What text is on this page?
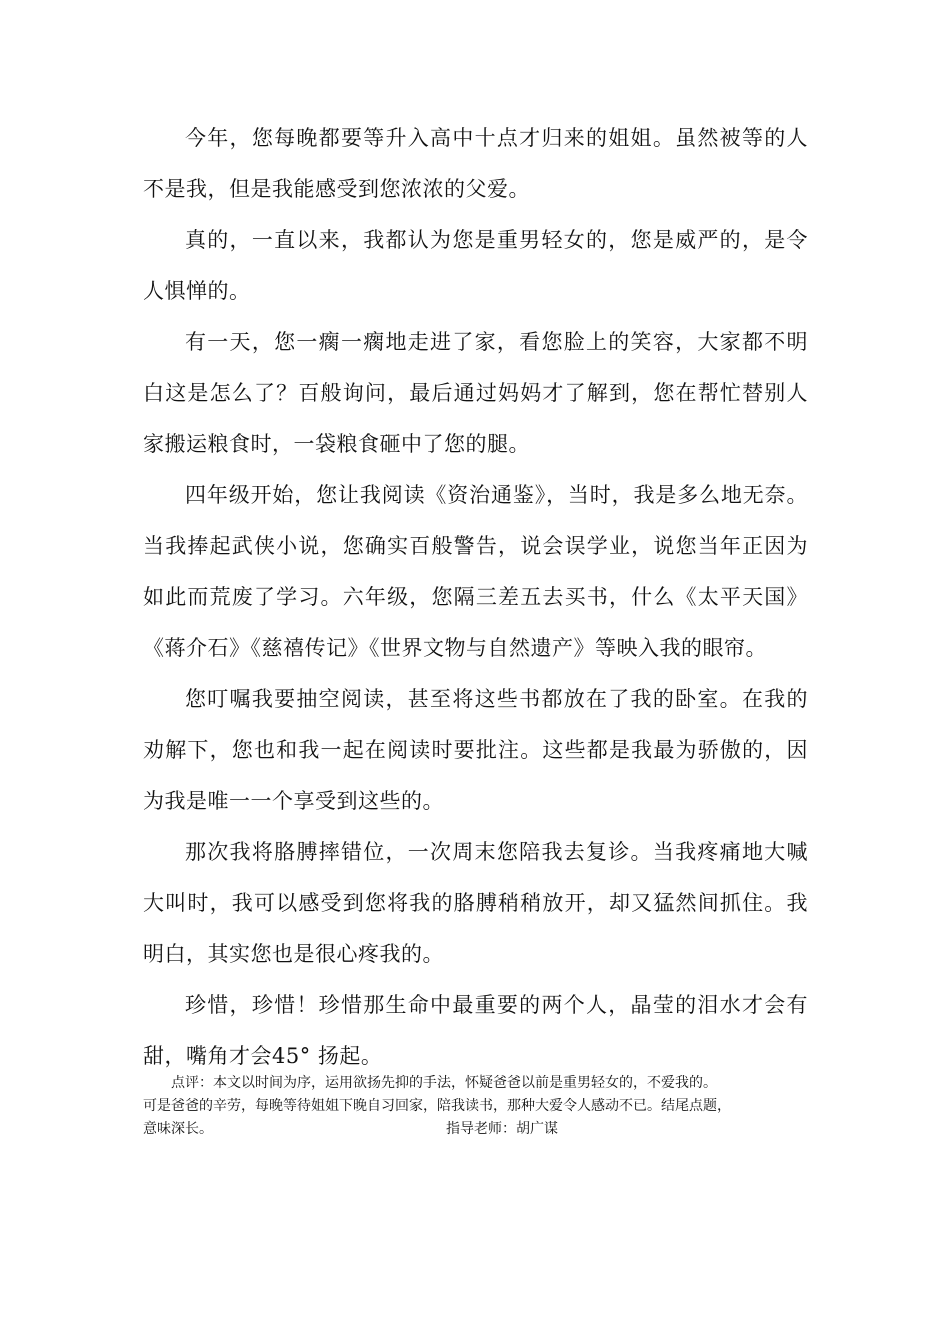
今年，您每晚都要等升入高中十点才归来的姐姐。虽然被等的人不是我，但是我能感受到您浓浓的父爱。

真的，一直以来，我都认为您是重男轻女的，您是威严的，是令人惧惮的。

有一天，您一瘸一瘸地走进了家，看您脸上的笑容，大家都不明白这是怎么了？百般询问，最后通过妈妈才了解到，您在帮忙替别人家搬运粮食时，一袋粮食砸中了您的腿。

四年级开始，您让我阅读《资治通鉴》，当时，我是多么地无奈。当我捧起武侠小说，您确实百般警告，说会误学业，说您当年正因为如此而荒废了学习。六年级，您隔三差五去买书，什么《太平天国》《蒋介石》《慈禧传记》《世界文物与自然遗产》等映入我的眼帘。

您叮嘱我要抽空阅读，甚至将这些书都放在了我的卧室。在我的劝解下，您也和我一起在阅读时要批注。这些都是我最为骄傲的，因为我是唯一一个享受到这些的。

那次我将胳膊摔错位，一次周末您陪我去复诊。当我疼痛地大喊大叫时，我可以感受到您将我的胳膊稍稍放开，却又猛然间抓住。我明白，其实您也是很心疼我的。

珍惜，珍惜！珍惜那生命中最重要的两个人，晶莹的泪水才会有甜，嘴角才会45° 扬起。

点评：本文以时间为序，运用欲扬先抑的手法，怀疑爸爸以前是重男轻女的，不爱我的。
可是爸爸的辛劳，每晚等待姐姐下晚自习回家，陪我读书，那种大爱令人感动不已。结尾点题，
意味深长。	指导老师：胡广谋
